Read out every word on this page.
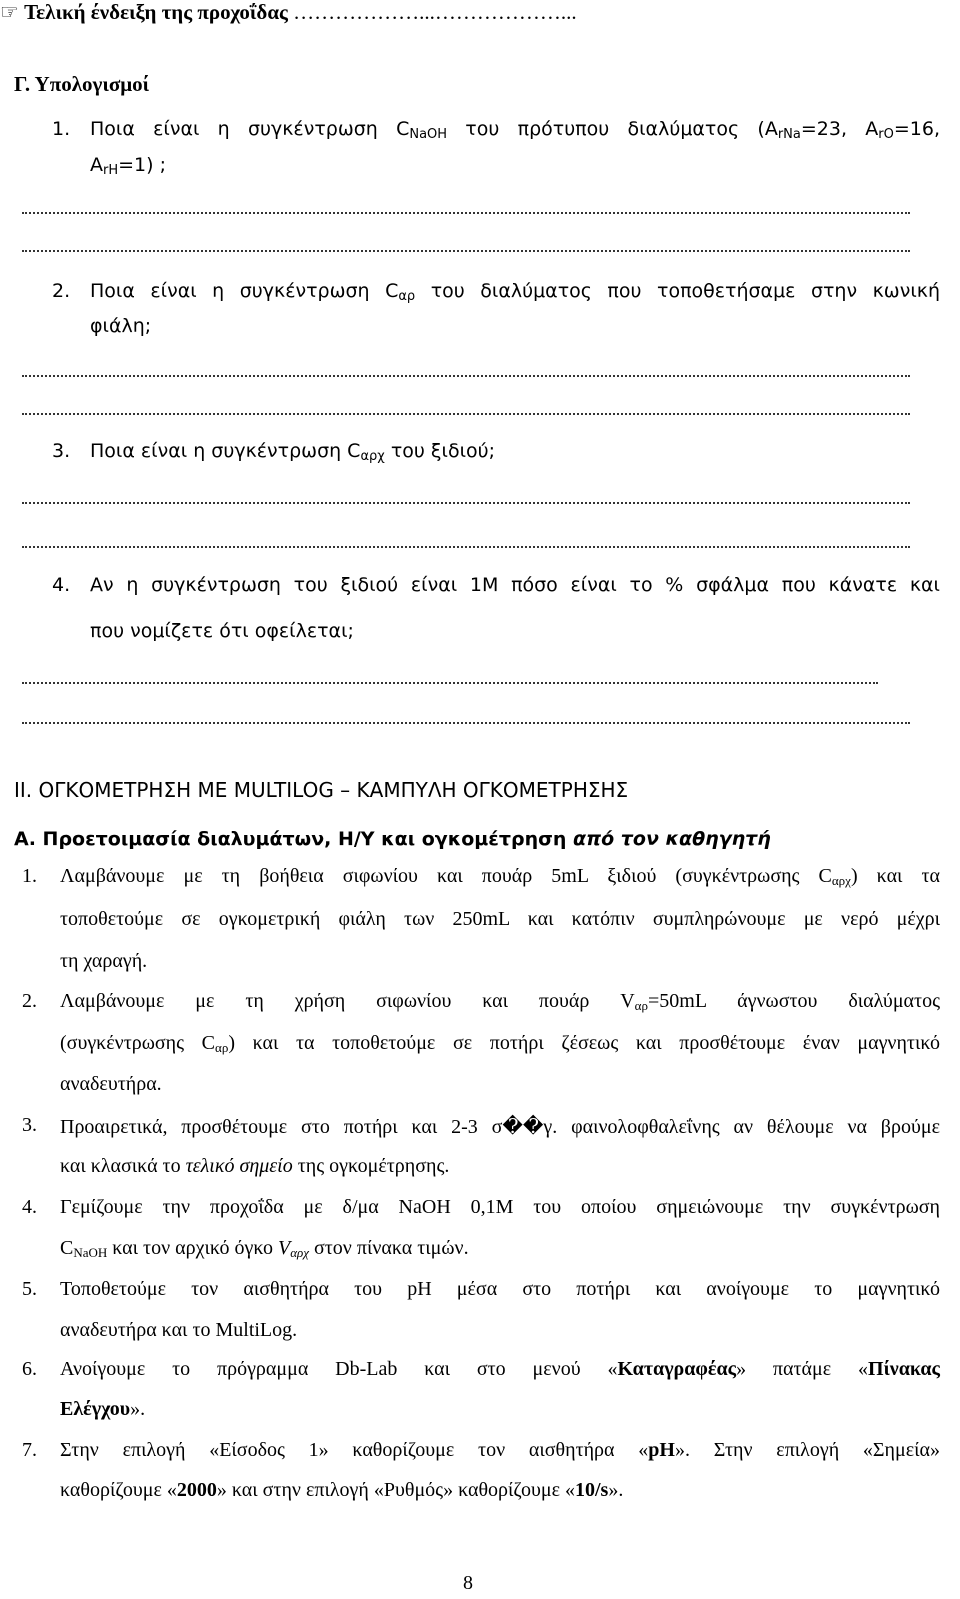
☞ Τελική ένδειξη της προχοΐδας ………………...………………...
Γ. Υπολογισμοί
1. Ποια είναι η συγκέντρωση $C_{NaOH}$ του πρότυπου διαλύματος ($A_{rNa}=23$, $A_{rO}=16$,
$A_{rH}=1$) ;
2. Ποια είναι η συγκέντρωση $C_{\alpha\rho}$ του διαλύματος που τοποθετήσαμε στην κωνική
φιάλη;
3. Ποια είναι η συγκέντρωση $C_{\alpha\rho\chi}$ του ξιδιού;
4. Αν η συγκέντρωση του ξιδιού είναι 1Μ πόσο είναι το % σφάλμα που κάνατε και
που νομίζετε ότι οφείλεται;
ΙΙ. ΟΓΚΟΜΕΤΡΗΣΗ ΜΕ MULTILOG – ΚΑΜΠΥΛΗ ΟΓΚΟΜΕΤΡΗΣΗΣ
Α. Προετοιμασία διαλυμάτων, Η/Υ και ογκομέτρηση από τον καθηγητή
1. Λαμβάνουμε με τη βοήθεια σιφωνίου και πουάρ 5mL ξιδιού (συγκέντρωσης $C_{\alpha\rho\chi}$) και τα
τοποθετούμε σε ογκομετρική φιάλη των 250mL και κατόπιν συμπληρώνουμε με νερό μέχρι
τη χαραγή.
2. Λαμβάνουμε με τη χρήση σιφωνίου και πουάρ $V_{\alpha\rho}=50mL$ άγνωστου διαλύματος
(συγκέντρωσης $C_{\alpha\rho}$) και τα τοποθετούμε σε ποτήρι ζέσεως και προσθέτουμε έναν μαγνητικό
αναδευτήρα.
3. Προαιρετικά, προσθέτουμε στο ποτήρι και 2-3 σ��γ. φαινολοφθαλεΐνης αν θέλουμε να βρούμε
και κλασικά το τελικό σημείο της ογκομέτρησης.
4. Γεμίζουμε την προχοΐδα με δ/μα NaOH 0,1M του οποίου σημειώνουμε την συγκέντρωση
$C_{NaOH}$ και τον αρχικό όγκο $V_{\alpha\rho\chi}$ στον πίνακα τιμών.
5. Τοποθετούμε τον αισθητήρα του pH μέσα στο ποτήρι και ανοίγουμε το μαγνητικό
αναδευτήρα και το MultiLog.
6. Ανοίγουμε το πρόγραμμα Db-Lab και στο μενού «Καταγραφέας» πατάμε «Πίνακας
Ελέγχου».
7. Στην επιλογή «Είσοδος 1» καθορίζουμε τον αισθητήρα «pH». Στην επιλογή «Σημεία»
καθορίζουμε «2000» και στην επιλογή «Ρυθμός» καθορίζουμε «10/s».
8
